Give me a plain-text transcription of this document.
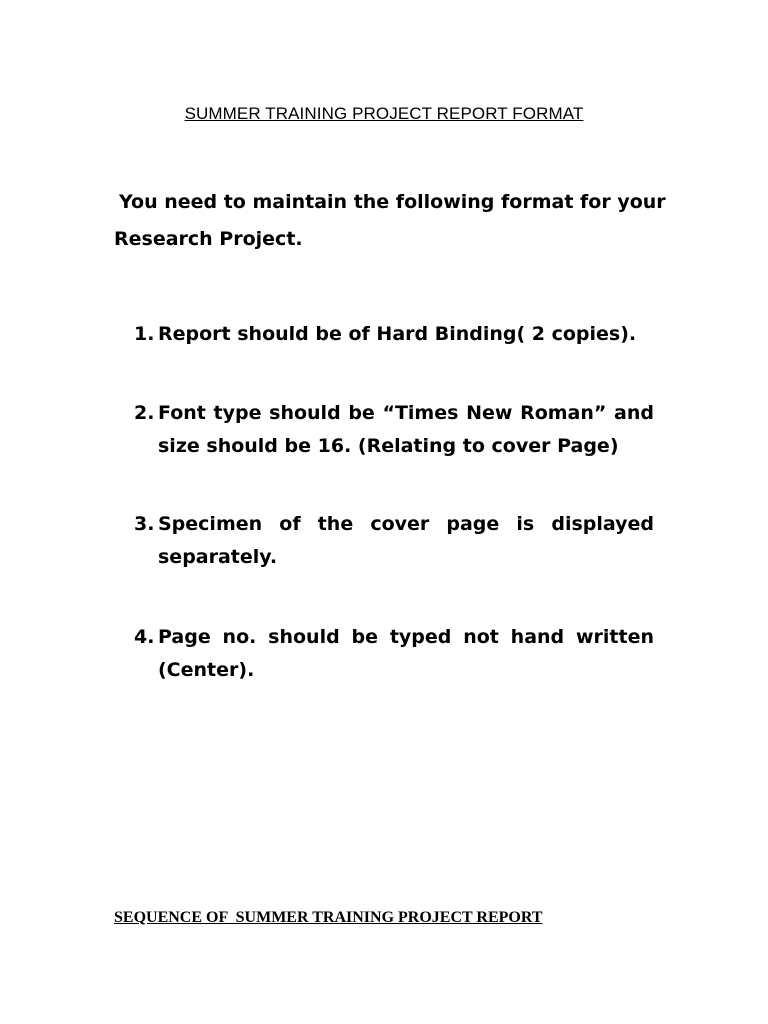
SUMMER TRAINING PROJECT REPORT FORMAT
You need to maintain the following format for your
Research Project.
1. Report should be of Hard Binding( 2 copies).
2. Font type should be “Times New Roman” and size should be 16. (Relating to cover Page)
3. Specimen of the cover page is displayed separately.
4. Page no. should be typed not hand written (Center).
SEQUENCE OF  SUMMER TRAINING PROJECT REPORT
